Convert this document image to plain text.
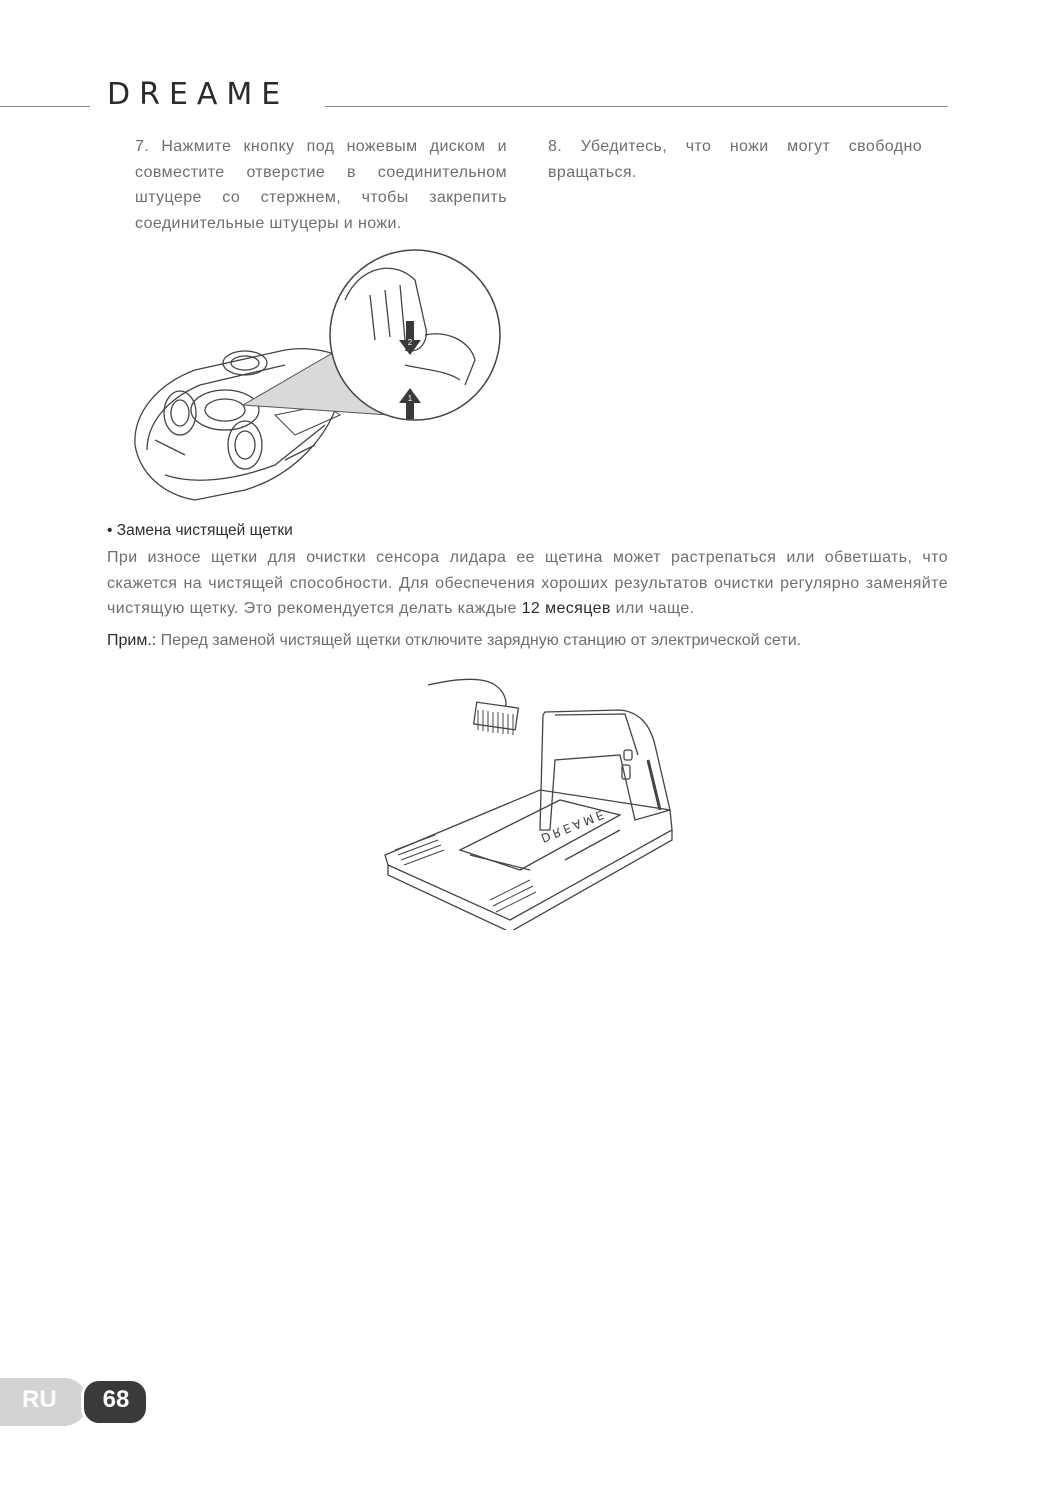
DREAME
7. Нажмите кнопку под ножевым диском и совместите отверстие в соединительном штуцере со стержнем, чтобы закрепить соединительные штуцеры и ножи.
8. Убедитесь, что ножи могут свободно вращаться.
2
1
• Замена чистящей щетки
При износе щетки для очистки сенсора лидара ее щетина может растрепаться или обветшать, что скажется на чистящей способности. Для обеспечения хороших результатов очистки регулярно заменяйте чистящую щетку. Это рекомендуется делать каждые 12 месяцев или чаще.
Прим.: Перед заменой чистящей щетки отключите зарядную станцию от электрической сети.
DREAME
RU	68
